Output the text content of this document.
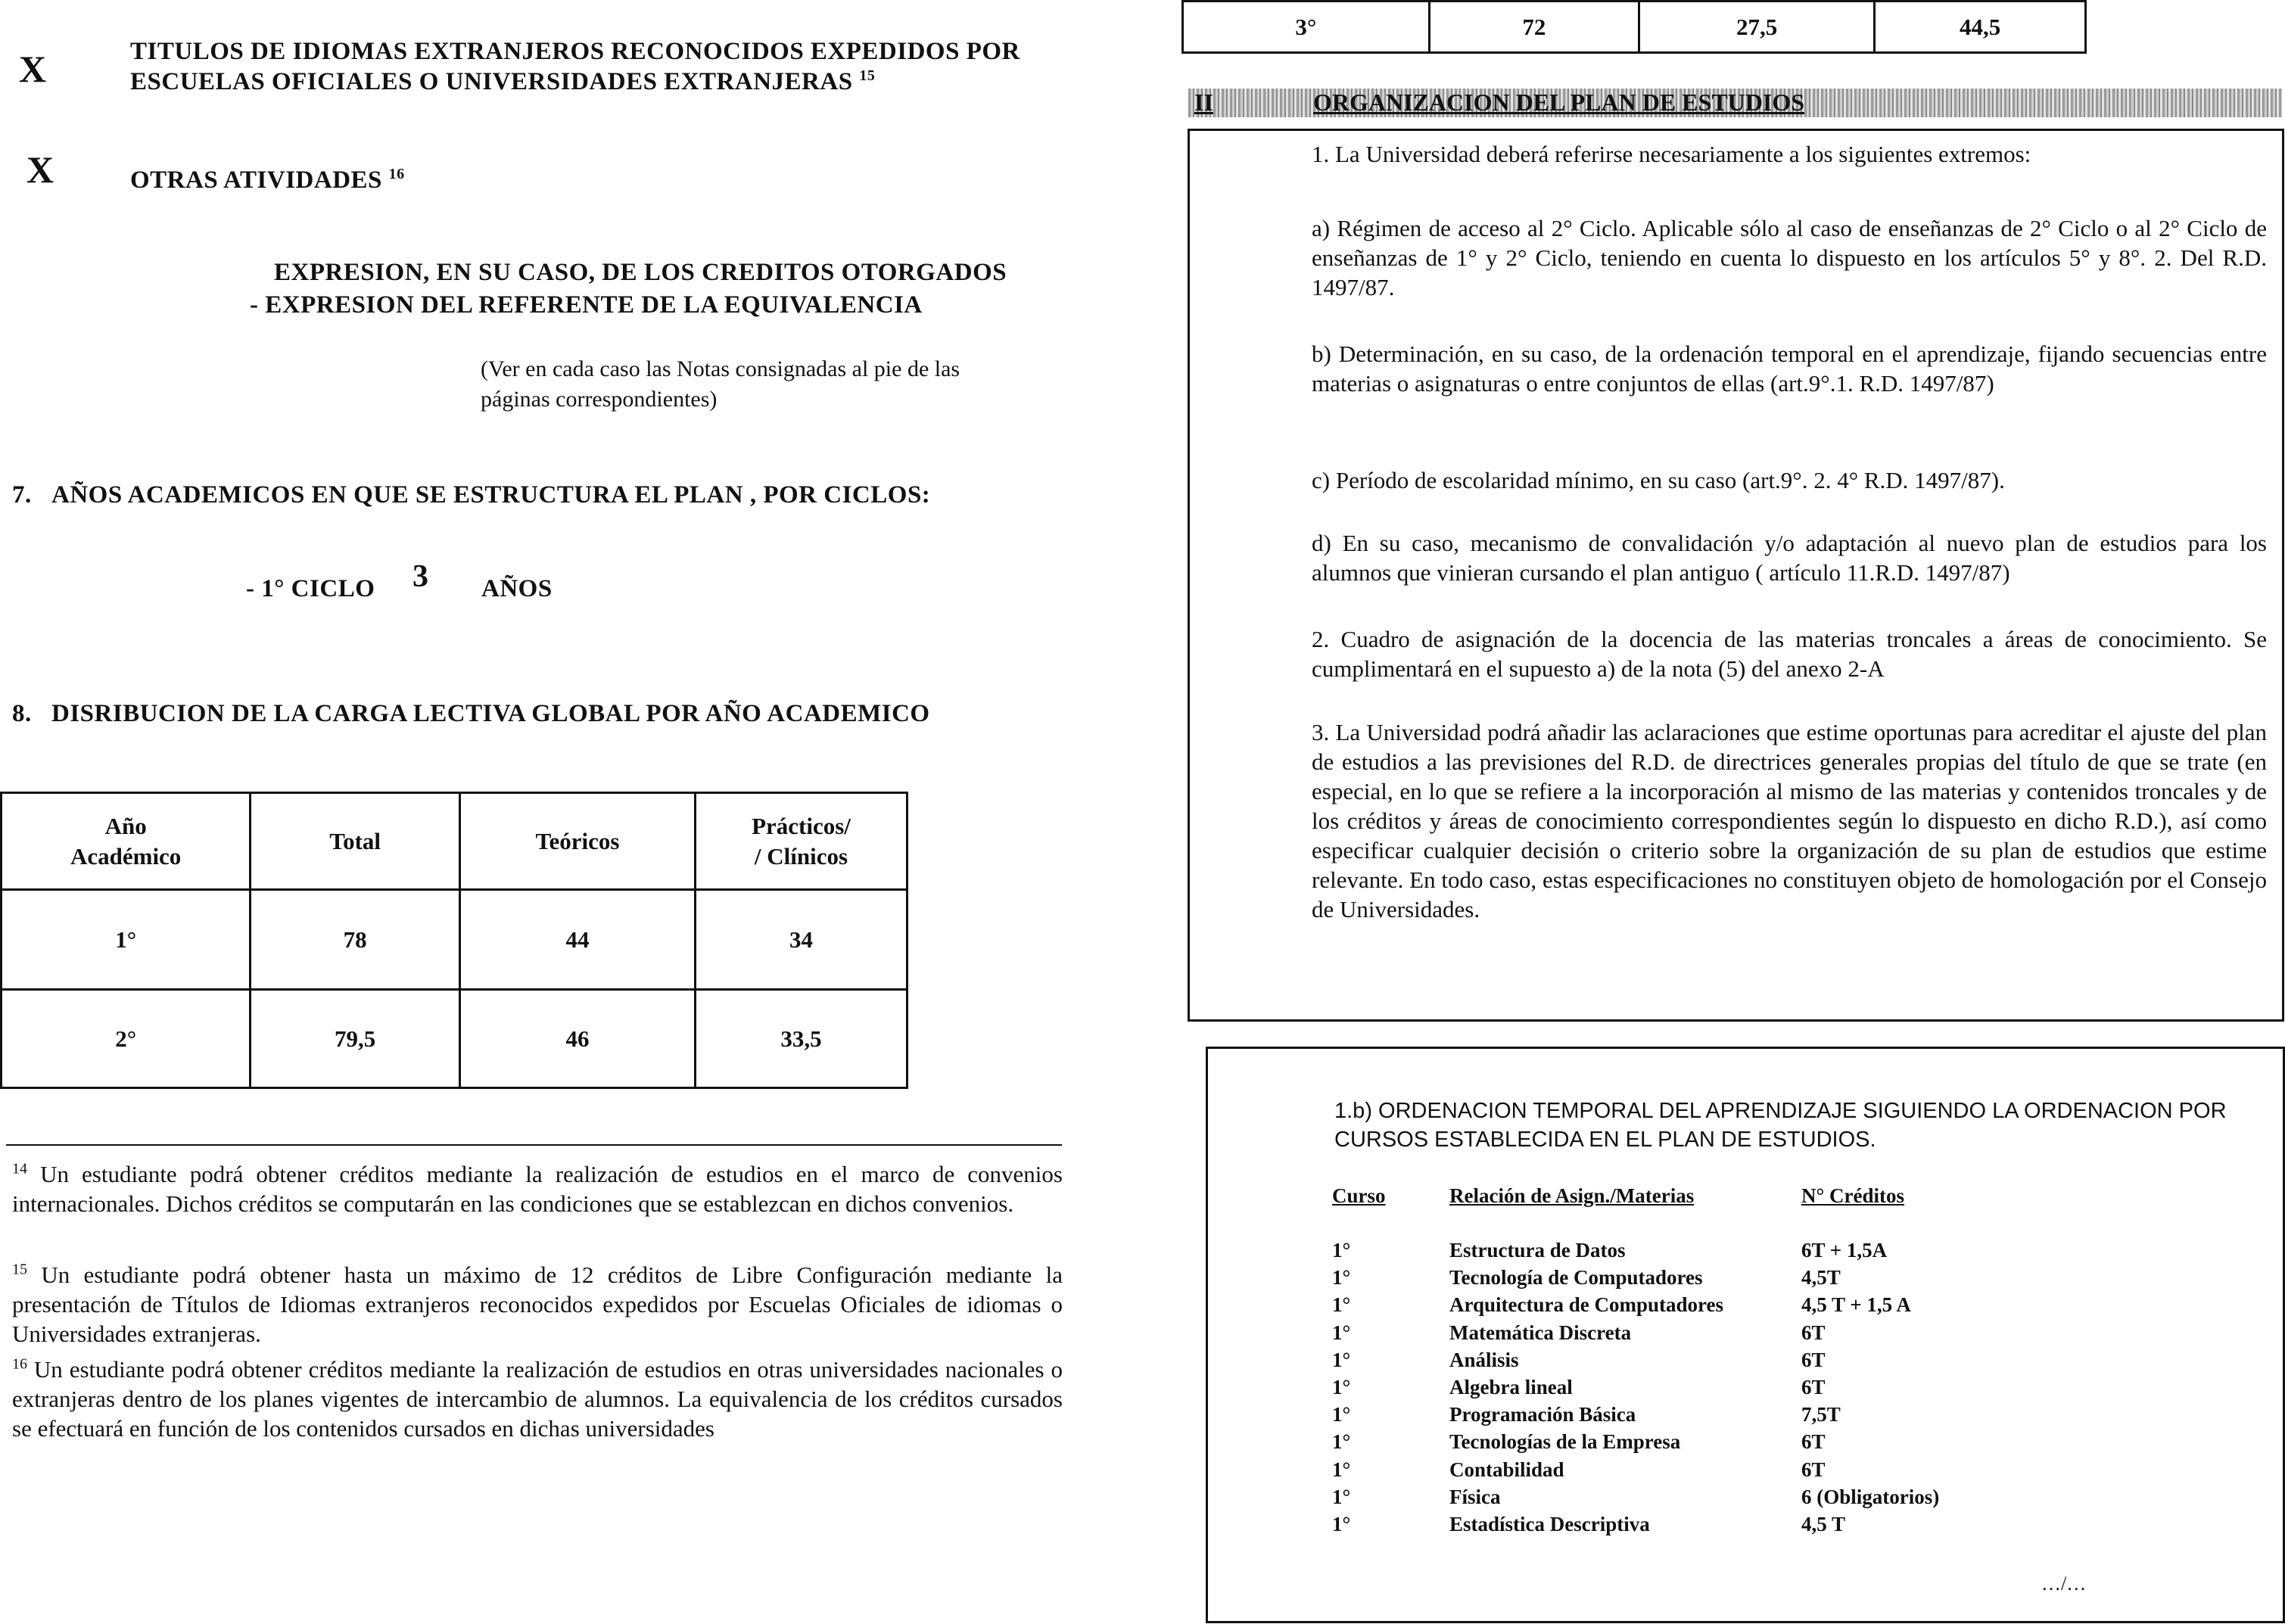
X	TITULOS DE IDIOMAS EXTRANJEROS RECONOCIDOS EXPEDIDOS POR
ESCUELAS OFICIALES O UNIVERSIDADES EXTRANJERAS $^{15}$
X	OTRAS ATIVIDADES $^{16}$
EXPRESION, EN SU CASO, DE LOS CREDITOS OTORGADOS
- EXPRESION DEL REFERENTE DE LA EQUIVALENCIA
(Ver en cada caso las Notas consignadas al pie de las
páginas correspondientes)
7. AÑOS ACADEMICOS EN QUE SE ESTRUCTURA EL PLAN , POR CICLOS:
- 1° CICLO 3 AÑOS
8. DISRIBUCION DE LA CARGA LECTIVA GLOBAL POR AÑO ACADEMICO
Año
Académico	Total	Teóricos	Prácticos/
/ Clínicos
1°	78	44	34
2°	79,5	46	33,5
$^{14}$ Un estudiante podrá obtener créditos mediante la realización de estudios en el marco de convenios internacionales. Dichos créditos se computarán en las condiciones que se establezcan en dichos convenios.
$^{15}$ Un estudiante podrá obtener hasta un máximo de 12 créditos de Libre Configuración mediante la presentación de Títulos de Idiomas extranjeros reconocidos expedidos por Escuelas Oficiales de idiomas o Universidades extranjeras.
$^{16}$ Un estudiante podrá obtener créditos mediante la realización de estudios en otras universidades nacionales o extranjeras dentro de los planes vigentes de intercambio de alumnos. La equivalencia de los créditos cursados se efectuará en función de los contenidos cursados en dichas universidades
3°	72	27,5	44,5
II	ORGANIZACION DEL PLAN DE ESTUDIOS
1. La Universidad deberá referirse necesariamente a los siguientes extremos:
a) Régimen de acceso al 2° Ciclo. Aplicable sólo al caso de enseñanzas de 2° Ciclo o al 2° Ciclo de enseñanzas de 1° y 2° Ciclo, teniendo en cuenta lo dispuesto en los artículos 5° y 8°. 2. Del R.D. 1497/87.
b) Determinación, en su caso, de la ordenación temporal en el aprendizaje, fijando secuencias entre materias o asignaturas o entre conjuntos de ellas (art.9°.1. R.D. 1497/87)
c) Período de escolaridad mínimo, en su caso (art.9°. 2. 4° R.D. 1497/87).
d) En su caso, mecanismo de convalidación y/o adaptación al nuevo plan de estudios para los alumnos que vinieran cursando el plan antiguo ( artículo 11.R.D. 1497/87)
2. Cuadro de asignación de la docencia de las materias troncales a áreas de conocimiento. Se cumplimentará en el supuesto a) de la nota (5) del anexo 2-A
3. La Universidad podrá añadir las aclaraciones que estime oportunas para acreditar el ajuste del plan de estudios a las previsiones del R.D. de directrices generales propias del título de que se trate (en especial, en lo que se refiere a la incorporación al mismo de las materias y contenidos troncales y de los créditos y áreas de conocimiento correspondientes según lo dispuesto en dicho R.D.), así como especificar cualquier decisión o criterio sobre la organización de su plan de estudios que estime relevante. En todo caso, estas especificaciones no constituyen objeto de homologación por el Consejo de Universidades.
1.b) ORDENACION TEMPORAL DEL APRENDIZAJE SIGUIENDO LA ORDENACION POR
CURSOS ESTABLECIDA EN EL PLAN DE ESTUDIOS.
Curso	Relación de Asign./Materias	N° Créditos
1°	Estructura de Datos	6T + 1,5A
1°	Tecnología de Computadores	4,5T
1°	Arquitectura de Computadores	4,5 T + 1,5 A
1°	Matemática Discreta	6T
1°	Análisis	6T
1°	Algebra lineal	6T
1°	Programación Básica	7,5T
1°	Tecnologías de la Empresa	6T
1°	Contabilidad	6T
1°	Física	6 (Obligatorios)
1°	Estadística Descriptiva	4,5 T
…/…
